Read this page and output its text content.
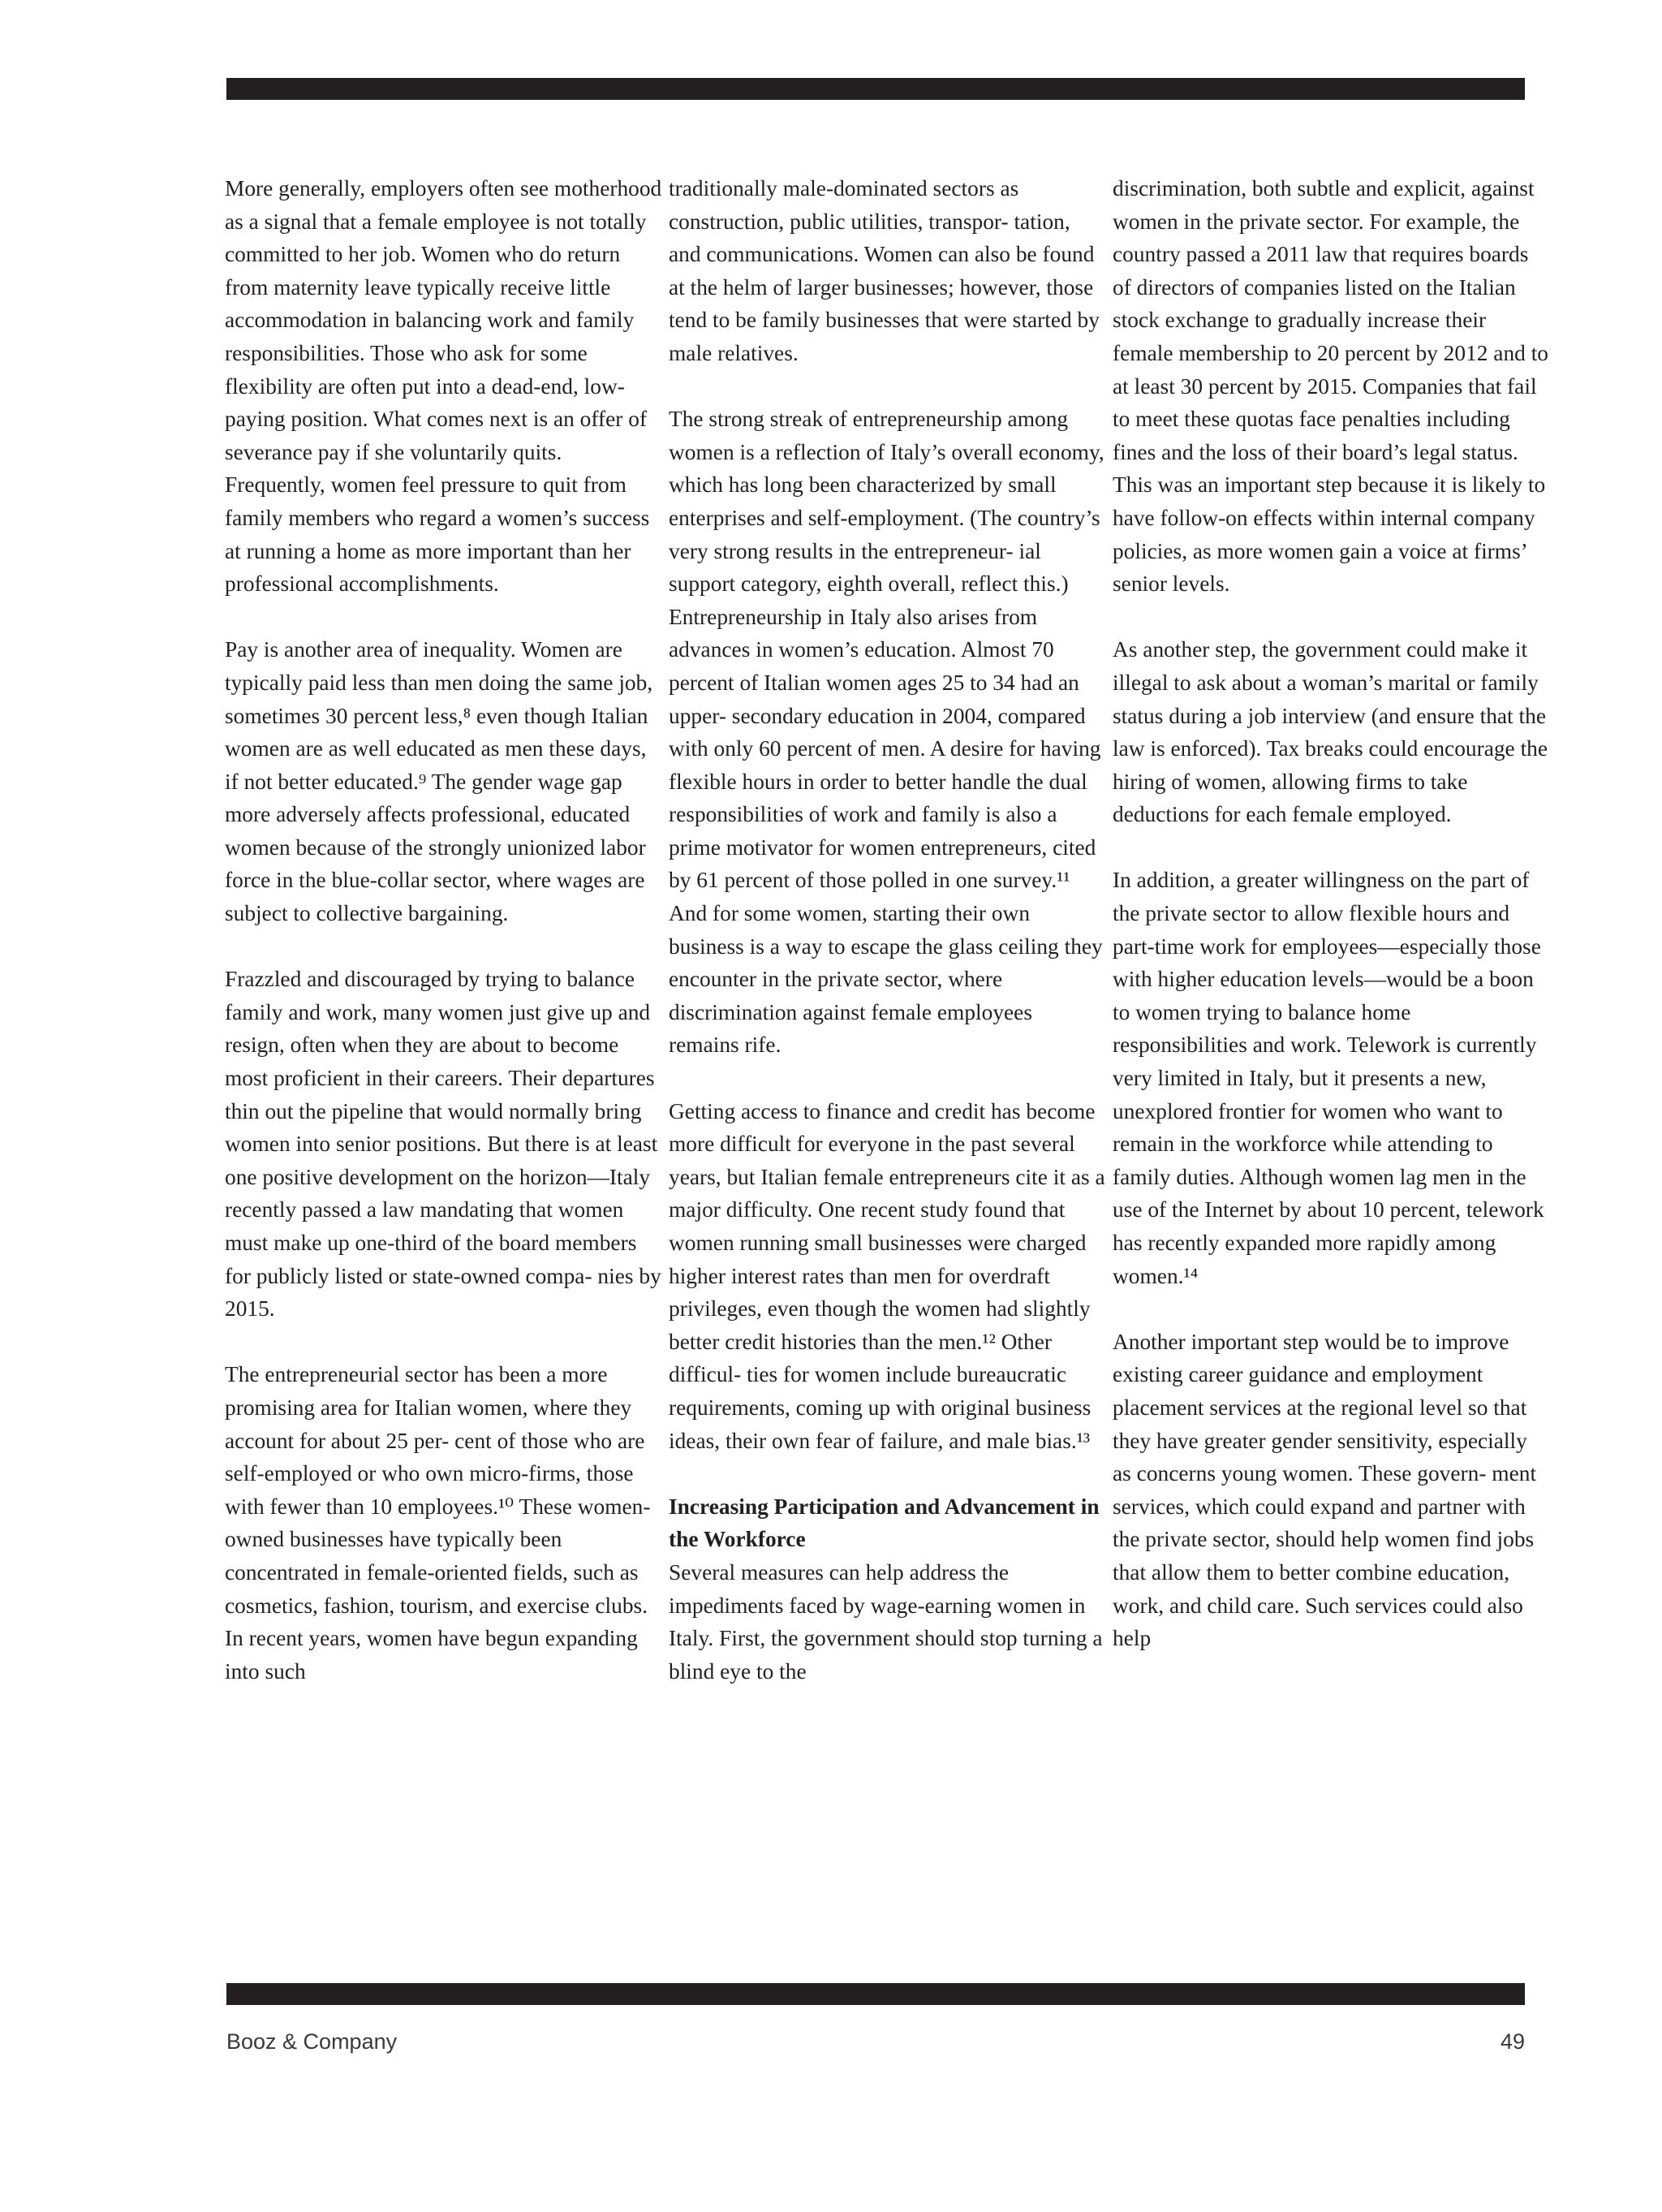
More generally, employers often see motherhood as a signal that a female employee is not totally committed to her job. Women who do return from maternity leave typically receive little accommodation in balancing work and family responsibilities. Those who ask for some flexibility are often put into a dead-end, low-paying position. What comes next is an offer of severance pay if she voluntarily quits. Frequently, women feel pressure to quit from family members who regard a women’s success at running a home as more important than her professional accomplishments.

Pay is another area of inequality. Women are typically paid less than men doing the same job, sometimes 30 percent less,⁸ even though Italian women are as well educated as men these days, if not better educated.⁹ The gender wage gap more adversely affects professional, educated women because of the strongly unionized labor force in the blue-collar sector, where wages are subject to collective bargaining.

Frazzled and discouraged by trying to balance family and work, many women just give up and resign, often when they are about to become most proficient in their careers. Their departures thin out the pipeline that would normally bring women into senior positions. But there is at least one positive development on the horizon—Italy recently passed a law mandating that women must make up one-third of the board members for publicly listed or state-owned compa- nies by 2015.

The entrepreneurial sector has been a more promising area for Italian women, where they account for about 25 per- cent of those who are self-employed or who own micro-firms, those with fewer than 10 employees.¹⁰ These women- owned businesses have typically been concentrated in female-oriented fields, such as cosmetics, fashion, tourism, and exercise clubs. In recent years, women have begun expanding into such

traditionally male-dominated sectors as construction, public utilities, transpor- tation, and communications. Women can also be found at the helm of larger businesses; however, those tend to be family businesses that were started by male relatives.

The strong streak of entrepreneurship among women is a reflection of Italy’s overall economy, which has long been characterized by small enterprises and self-employment. (The country’s very strong results in the entrepreneur- ial support category, eighth overall, reflect this.) Entrepreneurship in Italy also arises from advances in women’s education. Almost 70 percent of Italian women ages 25 to 34 had an upper- secondary education in 2004, compared with only 60 percent of men. A desire for having flexible hours in order to better handle the dual responsibilities of work and family is also a prime motivator for women entrepreneurs, cited by 61 percent of those polled in one survey.¹¹ And for some women, starting their own business is a way to escape the glass ceiling they encounter in the private sector, where discrimination against female employees remains rife.

Getting access to finance and credit has become more difficult for everyone in the past several years, but Italian female entrepreneurs cite it as a major difficulty. One recent study found that women running small businesses were charged higher interest rates than men for overdraft privileges, even though the women had slightly better credit histories than the men.¹² Other difficul- ties for women include bureaucratic requirements, coming up with original business ideas, their own fear of failure, and male bias.¹³

Increasing Participation and Advancement in the Workforce

Several measures can help address the impediments faced by wage-earning women in Italy. First, the government should stop turning a blind eye to the

discrimination, both subtle and explicit, against women in the private sector. For example, the country passed a 2011 law that requires boards of directors of companies listed on the Italian stock exchange to gradually increase their female membership to 20 percent by 2012 and to at least 30 percent by 2015. Companies that fail to meet these quotas face penalties including fines and the loss of their board’s legal status. This was an important step because it is likely to have follow-on effects within internal company policies, as more women gain a voice at firms’ senior levels.

As another step, the government could make it illegal to ask about a woman’s marital or family status during a job interview (and ensure that the law is enforced). Tax breaks could encourage the hiring of women, allowing firms to take deductions for each female employed.

In addition, a greater willingness on the part of the private sector to allow flexible hours and part-time work for employees—especially those with higher education levels—would be a boon to women trying to balance home responsibilities and work. Telework is currently very limited in Italy, but it presents a new, unexplored frontier for women who want to remain in the workforce while attending to family duties. Although women lag men in the use of the Internet by about 10 percent, telework has recently expanded more rapidly among women.¹⁴

Another important step would be to improve existing career guidance and employment placement services at the regional level so that they have greater gender sensitivity, especially as concerns young women. These govern- ment services, which could expand and partner with the private sector, should help women find jobs that allow them to better combine education, work, and child care. Such services could also help

Booz & Company	49
